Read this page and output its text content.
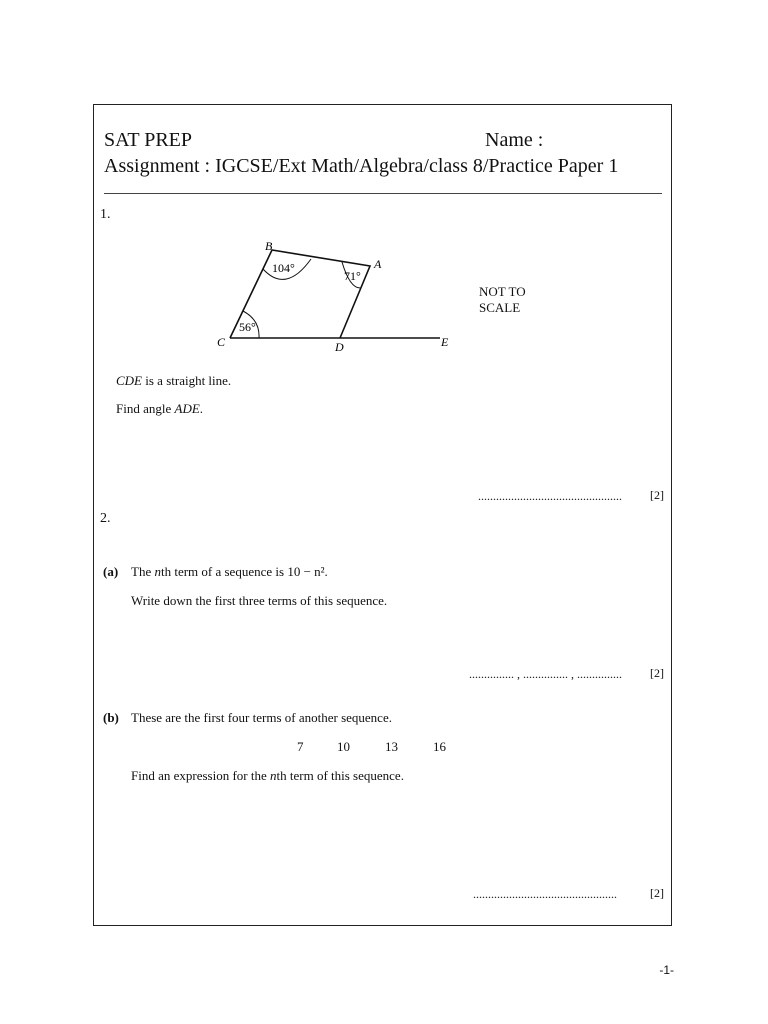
SAT PREP	Name :
Assignment : IGCSE/Ext Math/Algebra/class 8/Practice Paper 1
1.
B
A
C	D	E
104°
71°
56°
NOT TO
SCALE
CDE is a straight line.
Find angle ADE.
................................................ [2]
2.
(a) The nth term of a sequence is 10 − n².
Write down the first three terms of this sequence.
............... , ............... , ............... [2]
(b) These are the first four terms of another sequence.
7	10	13	16
Find an expression for the nth term of this sequence.
................................................	[2]
-1-
